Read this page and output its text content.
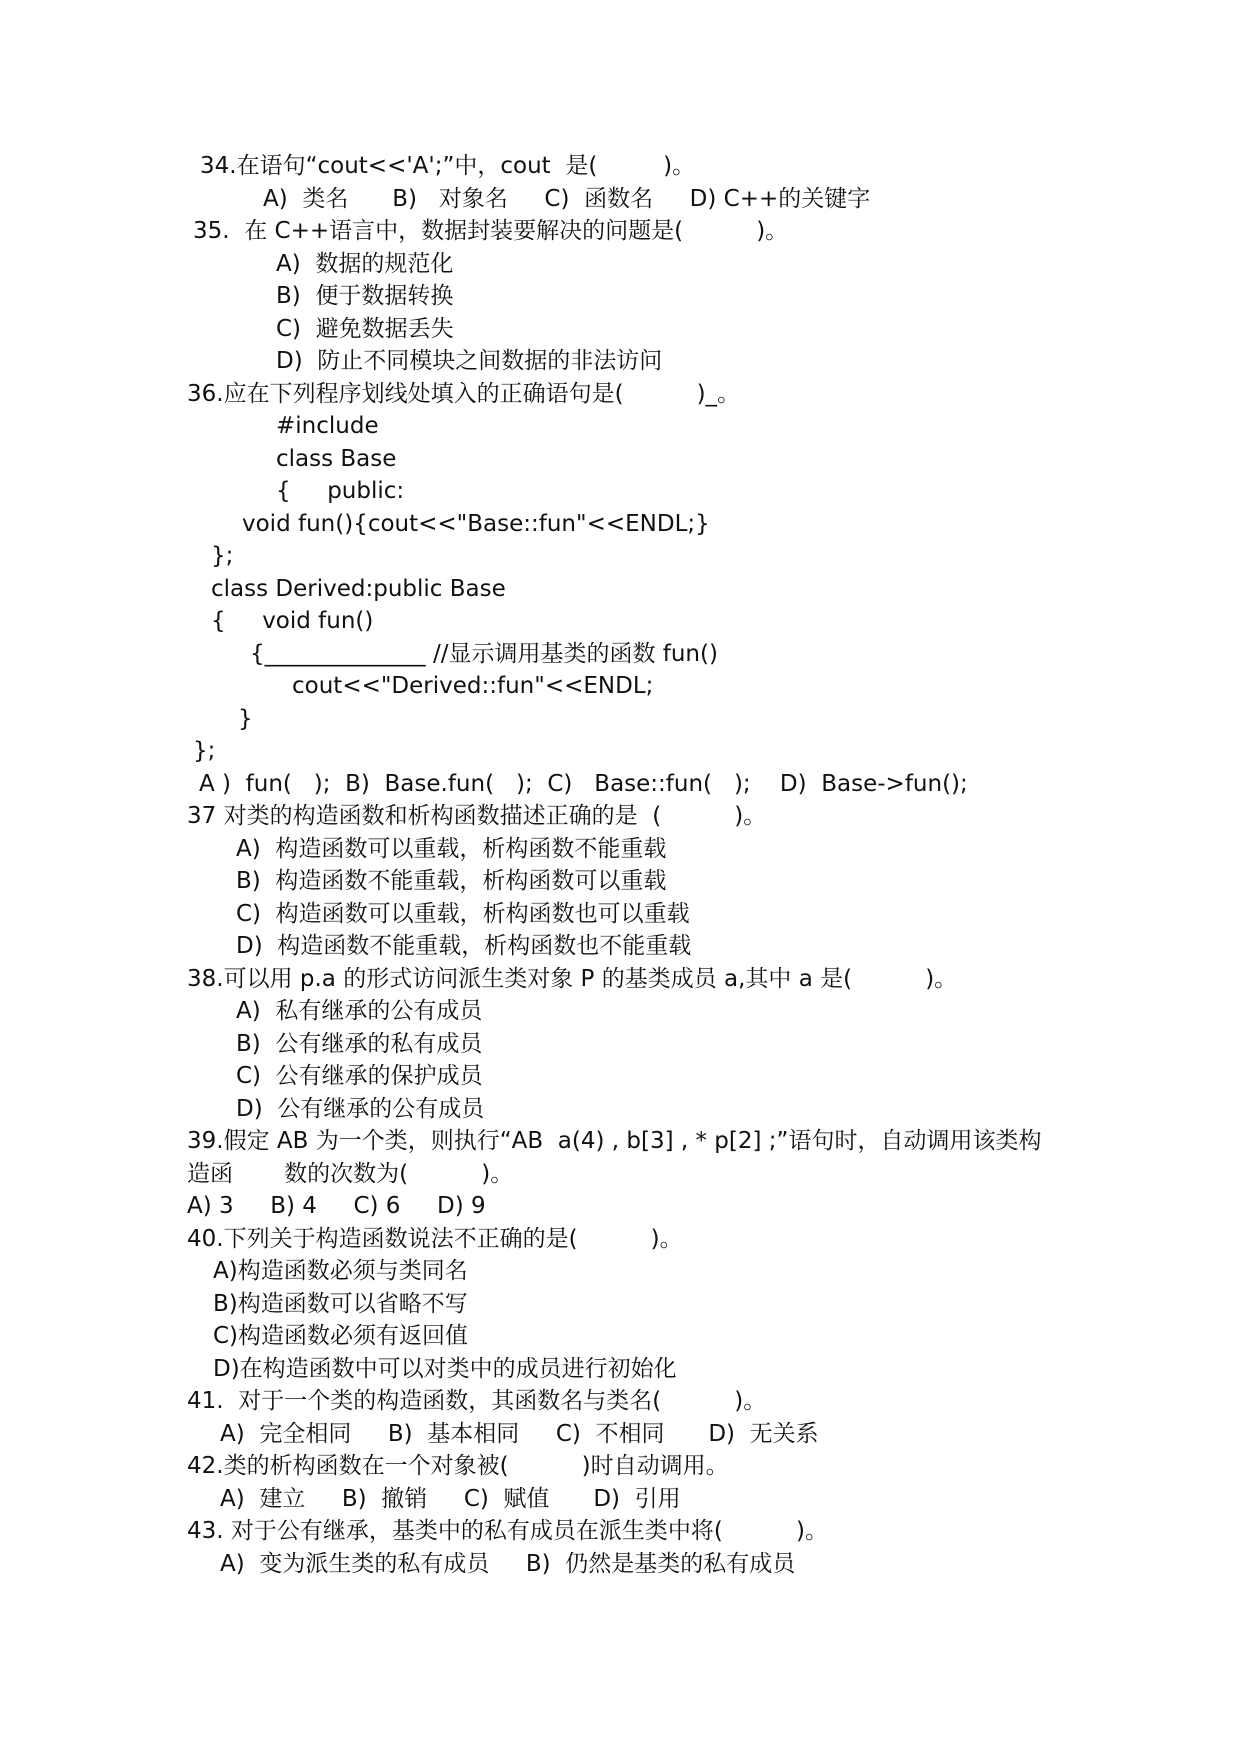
34.在语句“cout<<'A';”中，cout  是(         )。
A)  类名      B)   对象名     C)  函数名     D) C++的关键字
35.  在 C++语言中，数据封装要解决的问题是(          )。
A)  数据的规范化
B)  便于数据转换
C)  避免数据丢失
D)  防止不同模块之间数据的非法访问
36.应在下列程序划线处填入的正确语句是(          )_。
#include
class Base
{     public:
void fun(){cout<<"Base::fun"<<ENDL;}
};
class Derived:public Base
{     void fun()
{______________ //显示调用基类的函数 fun()
cout<<"Derived::fun"<<ENDL;
}
};
A )  fun(   );  B)  Base.fun(   );  C)   Base::fun(   );    D)  Base->fun();
37 对类的构造函数和析构函数描述正确的是  (          )。
A)  构造函数可以重载，析构函数不能重载
B)  构造函数不能重载，析构函数可以重载
C)  构造函数可以重载，析构函数也可以重载
D)  构造函数不能重载，析构函数也不能重载
38.可以用 p.a 的形式访问派生类对象 P 的基类成员 a,其中 a 是(          )。
A)  私有继承的公有成员
B)  公有继承的私有成员
C)  公有继承的保护成员
D)  公有继承的公有成员
39.假定 AB 为一个类，则执行“AB  a(4) , b[3] , * p[2] ;”语句时，自动调用该类构
造函       数的次数为(          )。
A) 3     B) 4     C) 6     D) 9
40.下列关于构造函数说法不正确的是(          )。
A)构造函数必须与类同名
B)构造函数可以省略不写
C)构造函数必须有返回值
D)在构造函数中可以对类中的成员进行初始化
41.  对于一个类的构造函数，其函数名与类名(          )。
A)  完全相同     B)  基本相同     C)  不相同      D)  无关系
42.类的析构函数在一个对象被(          )时自动调用。
A)  建立     B)  撤销     C)  赋值      D)  引用
43. 对于公有继承，基类中的私有成员在派生类中将(          )。
A)  变为派生类的私有成员     B)  仍然是基类的私有成员
